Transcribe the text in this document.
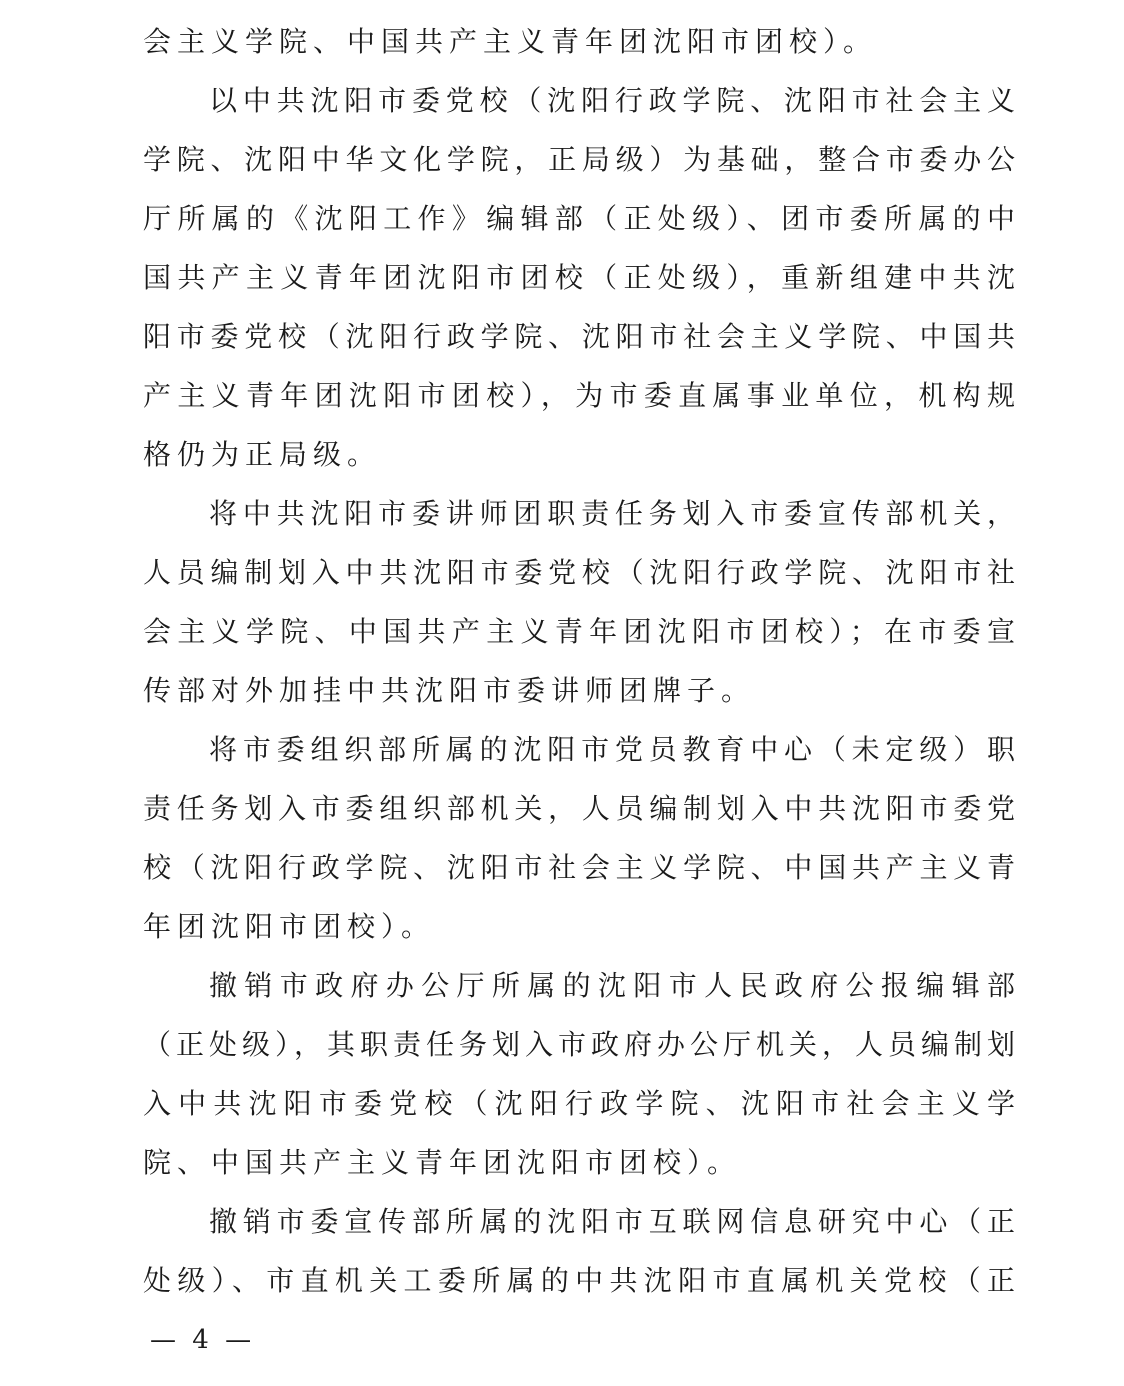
会主义学院、中国共产主义青年团沈阳市团校）。
以中共沈阳市委党校（沈阳行政学院、沈阳市社会主义
学院、沈阳中华文化学院，正局级）为基础，整合市委办公
厅所属的《沈阳工作》编辑部（正处级）、团市委所属的中
国共产主义青年团沈阳市团校（正处级），重新组建中共沈
阳市委党校（沈阳行政学院、沈阳市社会主义学院、中国共
产主义青年团沈阳市团校），为市委直属事业单位，机构规
格仍为正局级。
将中共沈阳市委讲师团职责任务划入市委宣传部机关，
人员编制划入中共沈阳市委党校（沈阳行政学院、沈阳市社
会主义学院、中国共产主义青年团沈阳市团校）；在市委宣
传部对外加挂中共沈阳市委讲师团牌子。
将市委组织部所属的沈阳市党员教育中心（未定级）职
责任务划入市委组织部机关，人员编制划入中共沈阳市委党
校（沈阳行政学院、沈阳市社会主义学院、中国共产主义青
年团沈阳市团校）。
撤销市政府办公厅所属的沈阳市人民政府公报编辑部
（正处级），其职责任务划入市政府办公厅机关，人员编制划
入中共沈阳市委党校（沈阳行政学院、沈阳市社会主义学
院、中国共产主义青年团沈阳市团校）。
撤销市委宣传部所属的沈阳市互联网信息研究中心（正
处级）、市直机关工委所属的中共沈阳市直属机关党校（正
— 4 —
